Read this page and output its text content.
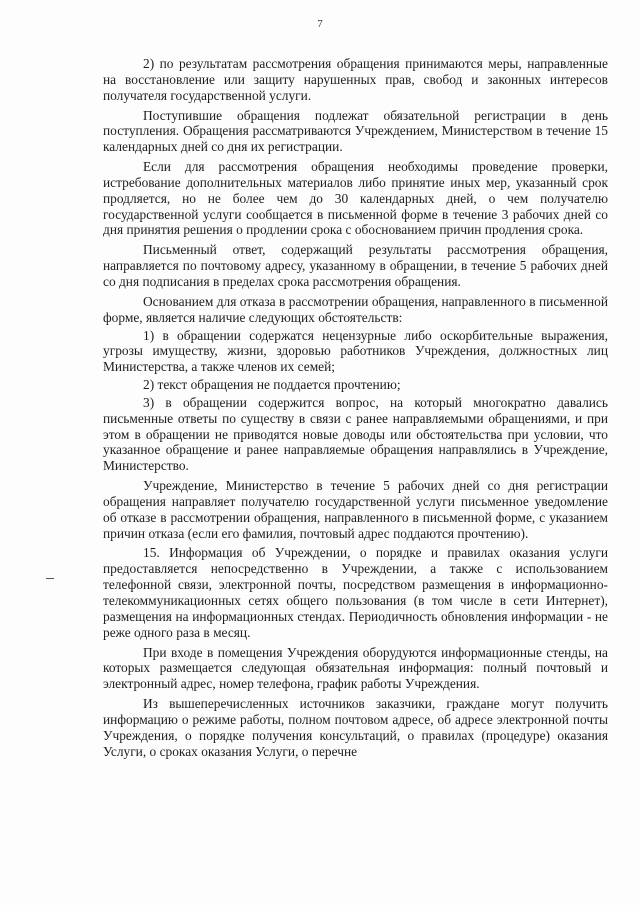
7

2) по результатам рассмотрения обращения принимаются меры, направленные на восстановление или защиту нарушенных прав, свобод и законных интересов получателя государственной услуги.

Поступившие обращения подлежат обязательной регистрации в день поступления. Обращения рассматриваются Учреждением, Министерством в течение 15 календарных дней со дня их регистрации.

Если для рассмотрения обращения необходимы проведение проверки, истребование дополнительных материалов либо принятие иных мер, указанный срок продляется, но не более чем до 30 календарных дней, о чем получателю государственной услуги сообщается в письменной форме в течение 3 рабочих дней со дня принятия решения о продлении срока с обоснованием причин продления срока.

Письменный ответ, содержащий результаты рассмотрения обращения, направляется по почтовому адресу, указанному в обращении, в течение 5 рабочих дней со дня подписания в пределах срока рассмотрения обращения.

Основанием для отказа в рассмотрении обращения, направленного в письменной форме, является наличие следующих обстоятельств:

1) в обращении содержатся нецензурные либо оскорбительные выражения, угрозы имуществу, жизни, здоровью работников Учреждения, должностных лиц Министерства, а также членов их семей;

2) текст обращения не поддается прочтению;

3) в обращении содержится вопрос, на который многократно давались письменные ответы по существу в связи с ранее направляемыми обращениями, и при этом в обращении не приводятся новые доводы или обстоятельства при условии, что указанное обращение и ранее направляемые обращения направлялись в Учреждение, Министерство.

Учреждение, Министерство в течение 5 рабочих дней со дня регистрации обращения направляет получателю государственной услуги письменное уведомление об отказе в рассмотрении обращения, направленного в письменной форме, с указанием причин отказа (если его фамилия, почтовый адрес поддаются прочтению).

15. Информация об Учреждении, о порядке и правилах оказания услуги предоставляется непосредственно в Учреждении, а также с использованием телефонной связи, электронной почты, посредством размещения в информационно-телекоммуникационных сетях общего пользования (в том числе в сети Интернет), размещения на информационных стендах. Периодичность обновления информации - не реже одного раза в месяц.

При входе в помещения Учреждения оборудуются информационные стенды, на которых размещается следующая обязательная информация: полный почтовый и электронный адрес, номер телефона, график работы Учреждения.

Из вышеперечисленных источников заказчики, граждане могут получить информацию о режиме работы, полном почтовом адресе, об адресе электронной почты Учреждения, о порядке получения консультаций, о правилах (процедуре) оказания Услуги, о сроках оказания Услуги, о перечне
